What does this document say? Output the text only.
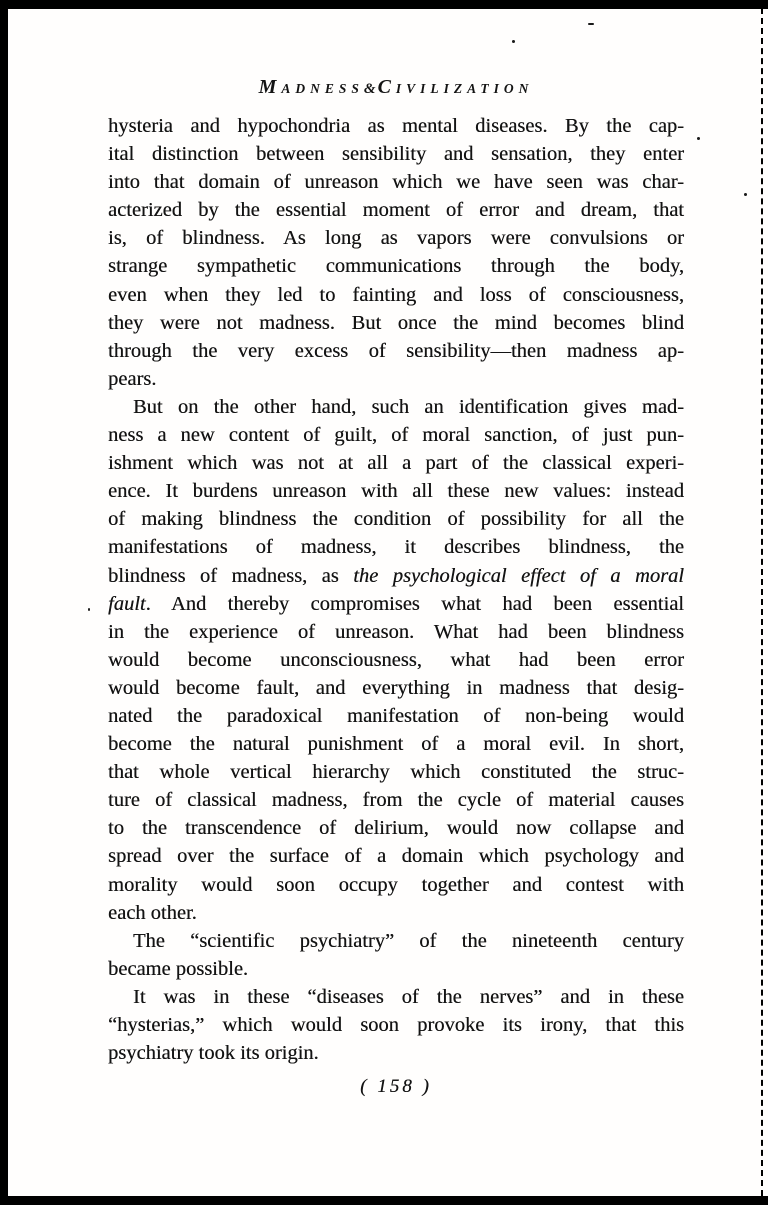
MADNESS& CIVILIZATION
hysteria and hypochondria as mental diseases. By the cap-
ital distinction between sensibility and sensation, they enter
into that domain of unreason which we have seen was char-
acterized by the essential moment of error and dream, that
is, of blindness. As long as vapors were convulsions or
strange sympathetic communications through the body,
even when they led to fainting and loss of consciousness,
they were not madness. But once the mind becomes blind
through the very excess of sensibility—then madness ap-
pears.
But on the other hand, such an identification gives mad-
ness a new content of guilt, of moral sanction, of just pun-
ishment which was not at all a part of the classical experi-
ence. It burdens unreason with all these new values: instead
of making blindness the condition of possibility for all the
manifestations of madness, it describes blindness, the
blindness of madness, as the psychological effect of a moral
fault. And thereby compromises what had been essential
in the experience of unreason. What had been blindness
would become unconsciousness, what had been error
would become fault, and everything in madness that desig-
nated the paradoxical manifestation of non-being would
become the natural punishment of a moral evil. In short,
that whole vertical hierarchy which constituted the struc-
ture of classical madness, from the cycle of material causes
to the transcendence of delirium, would now collapse and
spread over the surface of a domain which psychology and
morality would soon occupy together and contest with
each other.
The “scientific psychiatry” of the nineteenth century
became possible.
It was in these “diseases of the nerves” and in these
“hysterias,” which would soon provoke its irony, that this
psychiatry took its origin.
( 158 )
